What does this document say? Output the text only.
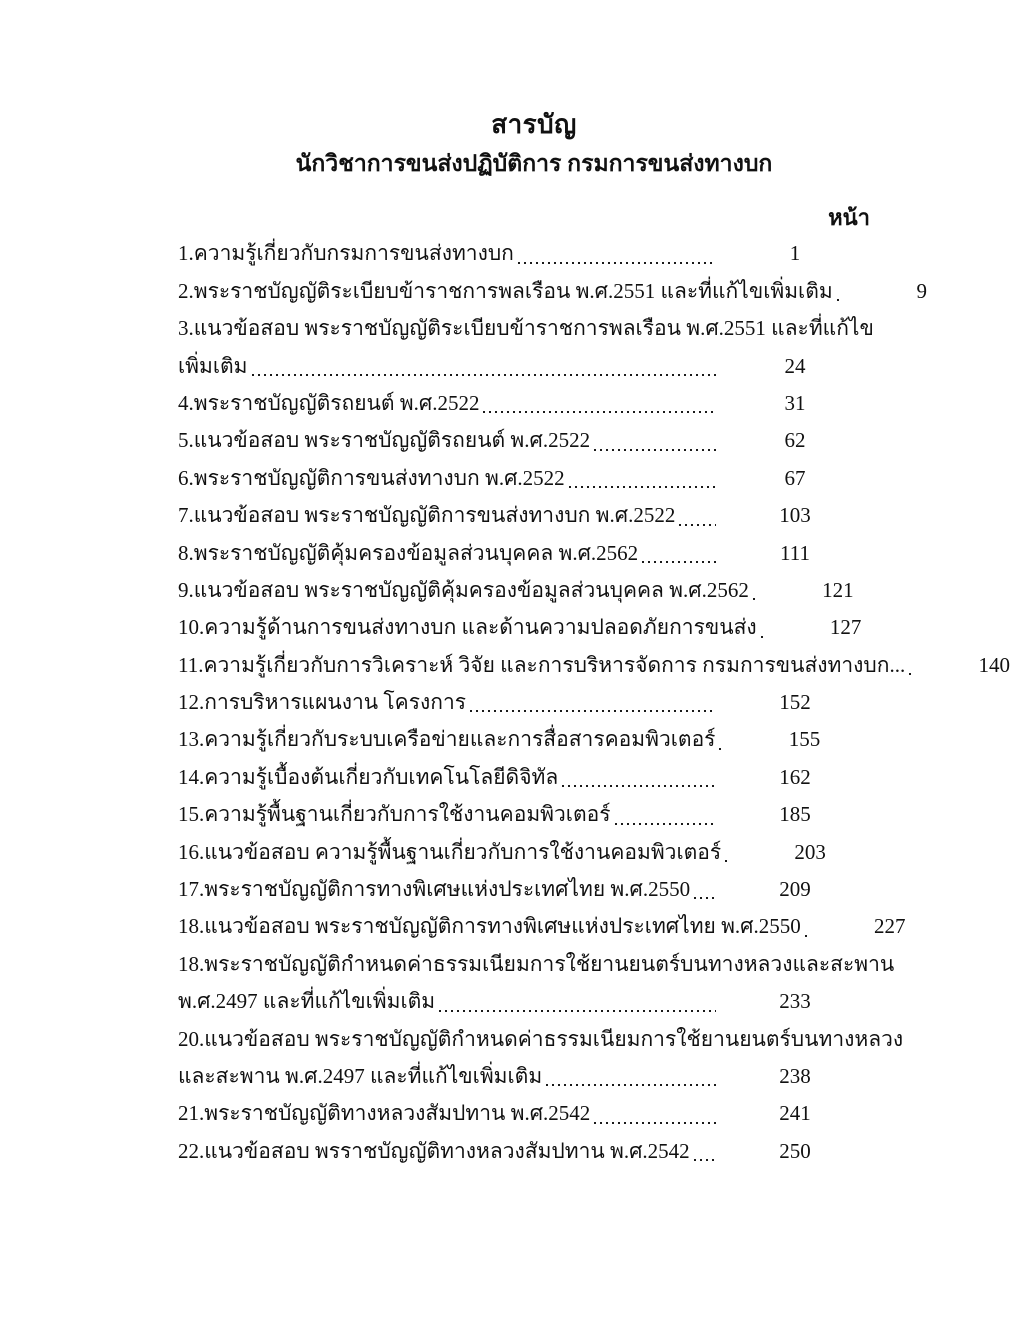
สารบัญ
นักวิชาการขนส่งปฏิบัติการ กรมการขนส่งทางบก
หน้า
1.ความรู้เกี่ยวกับกรมการขนส่งทางบก	1
2.พระราชบัญญัติระเบียบข้าราชการพลเรือน พ.ศ.2551 และที่แก้ไขเพิ่มเติม	9
3.แนวข้อสอบ พระราชบัญญัติระเบียบข้าราชการพลเรือน พ.ศ.2551 และที่แก้ไข
เพิ่มเติม	24
4.พระราชบัญญัติรถยนต์ พ.ศ.2522	31
5.แนวข้อสอบ พระราชบัญญัติรถยนต์ พ.ศ.2522	62
6.พระราชบัญญัติการขนส่งทางบก พ.ศ.2522	67
7.แนวข้อสอบ พระราชบัญญัติการขนส่งทางบก พ.ศ.2522	103
8.พระราชบัญญัติคุ้มครองข้อมูลส่วนบุคคล พ.ศ.2562	111
9.แนวข้อสอบ พระราชบัญญัติคุ้มครองข้อมูลส่วนบุคคล พ.ศ.2562	121
10.ความรู้ด้านการขนส่งทางบก และด้านความปลอดภัยการขนส่ง	127
11.ความรู้เกี่ยวกับการวิเคราะห์ วิจัย และการบริหารจัดการ กรมการขนส่งทางบก...	140
12.การบริหารแผนงาน โครงการ	152
13.ความรู้เกี่ยวกับระบบเครือข่ายและการสื่อสารคอมพิวเตอร์	155
14.ความรู้เบื้องต้นเกี่ยวกับเทคโนโลยีดิจิทัล	162
15.ความรู้พื้นฐานเกี่ยวกับการใช้งานคอมพิวเตอร์	185
16.แนวข้อสอบ ความรู้พื้นฐานเกี่ยวกับการใช้งานคอมพิวเตอร์	203
17.พระราชบัญญัติการทางพิเศษแห่งประเทศไทย พ.ศ.2550	209
18.แนวข้อสอบ พระราชบัญญัติการทางพิเศษแห่งประเทศไทย พ.ศ.2550	227
18.พระราชบัญญัติกำหนดค่าธรรมเนียมการใช้ยานยนตร์บนทางหลวงและสะพาน
พ.ศ.2497 และที่แก้ไขเพิ่มเติม	233
20.แนวข้อสอบ พระราชบัญญัติกำหนดค่าธรรมเนียมการใช้ยานยนตร์บนทางหลวง
และสะพาน พ.ศ.2497 และที่แก้ไขเพิ่มเติม	238
21.พระราชบัญญัติทางหลวงสัมปทาน พ.ศ.2542	241
22.แนวข้อสอบ พรราชบัญญัติทางหลวงสัมปทาน พ.ศ.2542	250
